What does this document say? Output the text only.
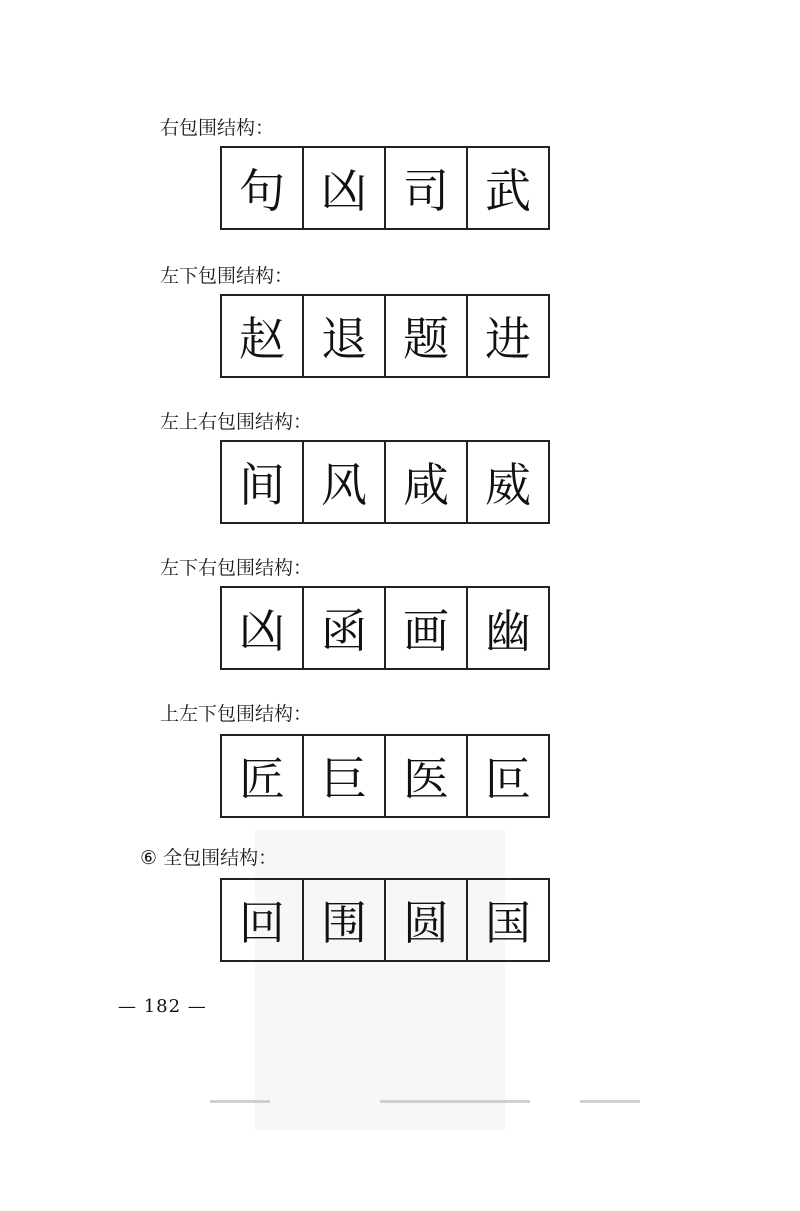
右包围结构：
句 凶 司 武
左下包围结构：
赵 退 题 进
左上右包围结构：
间 风 咸 威
左下右包围结构：
凶 函 画 幽
上左下包围结构：
匠 巨 医 叵
⑥ 全包围结构：
回 围 圆 国
— 182 —
